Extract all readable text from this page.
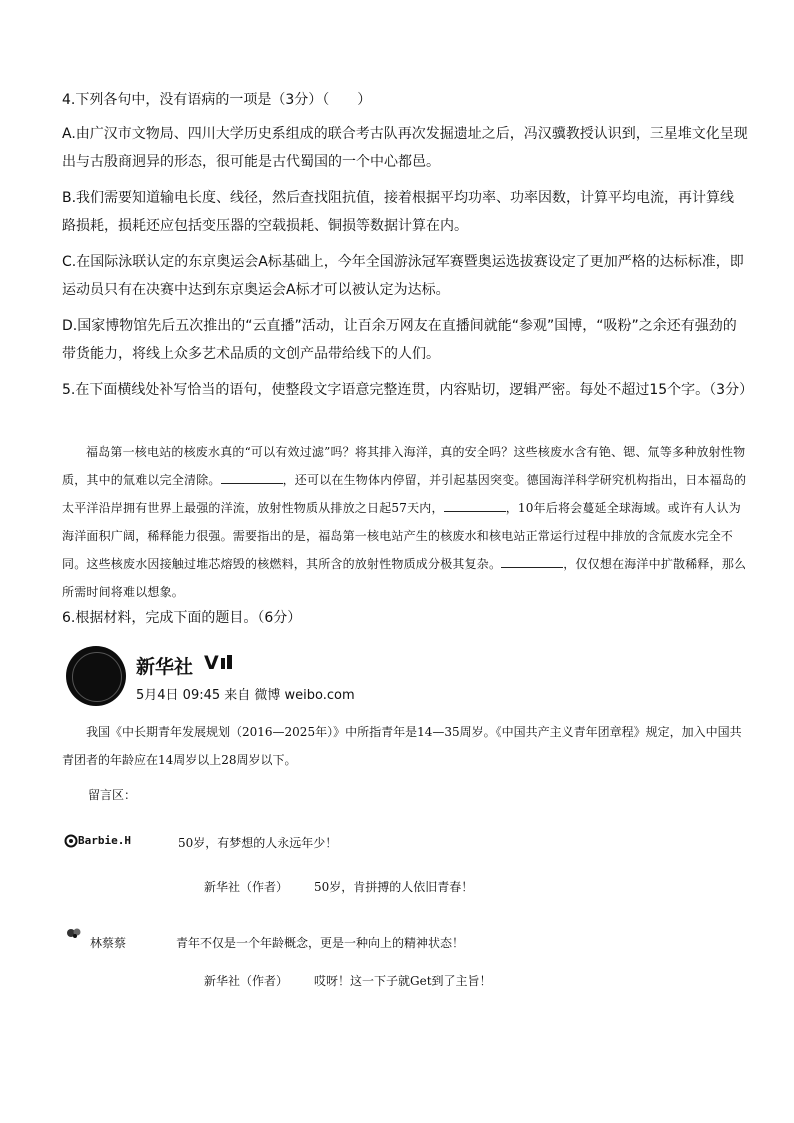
4.下列各句中，没有语病的一项是（3分）（　　）

A.由广汉市文物局、四川大学历史系组成的联合考古队再次发掘遗址之后，冯汉骥教授认识到，三星堆文化呈现出与古殷商迥异的形态，很可能是古代蜀国的一个中心都邑。

B.我们需要知道输电长度、线径，然后查找阻抗值，接着根据平均功率、功率因数，计算平均电流，再计算线路损耗，损耗还应包括变压器的空载损耗、铜损等数据计算在内。

C.在国际泳联认定的东京奥运会A标基础上，今年全国游泳冠军赛暨奥运选拔赛设定了更加严格的达标标准，即运动员只有在决赛中达到东京奥运会A标才可以被认定为达标。

D.国家博物馆先后五次推出的“云直播”活动，让百余万网友在直播间就能“参观”国博，“吸粉”之余还有强劲的带货能力，将线上众多艺术品质的文创产品带给线下的人们。

5.在下面横线处补写恰当的语句，使整段文字语意完整连贯，内容贴切，逻辑严密。每处不超过15个字。（3分）

福岛第一核电站的核废水真的“可以有效过滤”吗？将其排入海洋，真的安全吗？这些核废水含有铯、锶、氚等多种放射性物质，其中的氚难以完全清除。	，还可以在生物体内停留，并引起基因突变。德国海洋科学研究机构指出，日本福岛的太平洋沿岸拥有世界上最强的洋流，放射性物质从排放之日起57天内，	，10年后将会蔓延全球海域。或许有人认为海洋面积广阔，稀释能力很强。需要指出的是，福岛第一核电站产生的核废水和核电站正常运行过程中排放的含氚废水完全不同。这些核废水因接触过堆芯熔毁的核燃料，其所含的放射性物质成分极其复杂。	，仅仅想在海洋中扩散稀释，那么所需时间将难以想象。

6.根据材料，完成下面的题目。（6分）

新华社 V
5月4日 09:45 来自 微博 weibo.com

我国《中长期青年发展规划（2016—2025年）》中所指青年是14—35周岁。《中国共产主义青年团章程》规定，加入中国共青团者的年龄应在14周岁以上28周岁以下。

留言区：
Barbie.H	50岁，有梦想的人永远年少！
新华社（作者） 50岁，肯拼搏的人依旧青春！
林蔡蔡	青年不仅是一个年龄概念，更是一种向上的精神状态！
新华社（作者） 哎呀！这一下子就Get到了主旨！
